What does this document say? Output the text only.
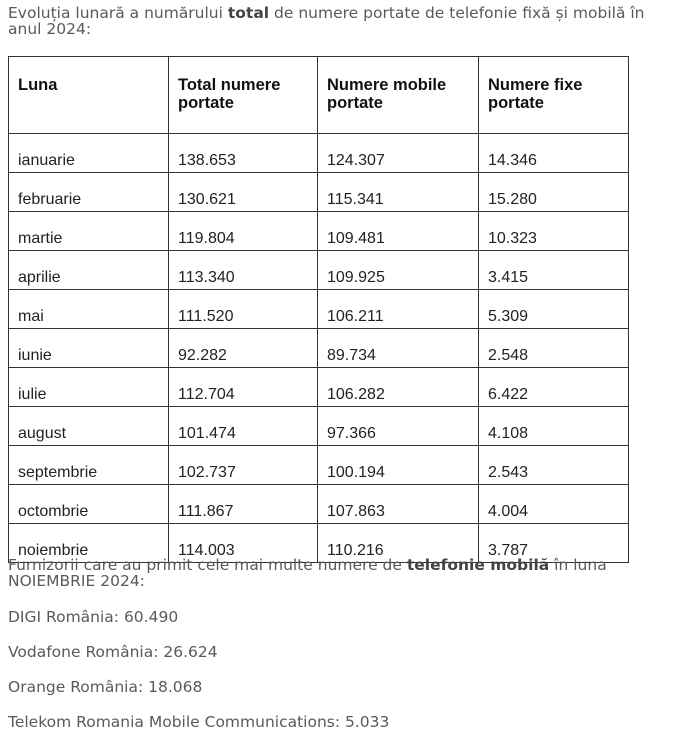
Evoluția lunară a numărului total de numere portate de telefonie fixă și mobilă în anul 2024:
Luna	Total numere portate	Numere mobile portate	Numere fixe portate
ianuarie	138.653	124.307	14.346
februarie	130.621	115.341	15.280
martie	119.804	109.481	10.323
aprilie	113.340	109.925	3.415
mai	111.520	106.211	5.309
iunie	92.282	89.734	2.548
iulie	112.704	106.282	6.422
august	101.474	97.366	4.108
septembrie	102.737	100.194	2.543
octombrie	111.867	107.863	4.004
noiembrie	114.003	110.216	3.787
Furnizorii care au primit cele mai multe numere de telefonie mobilă în luna NOIEMBRIE 2024:
DIGI România: 60.490
Vodafone România: 26.624
Orange România: 18.068
Telekom Romania Mobile Communications: 5.033
